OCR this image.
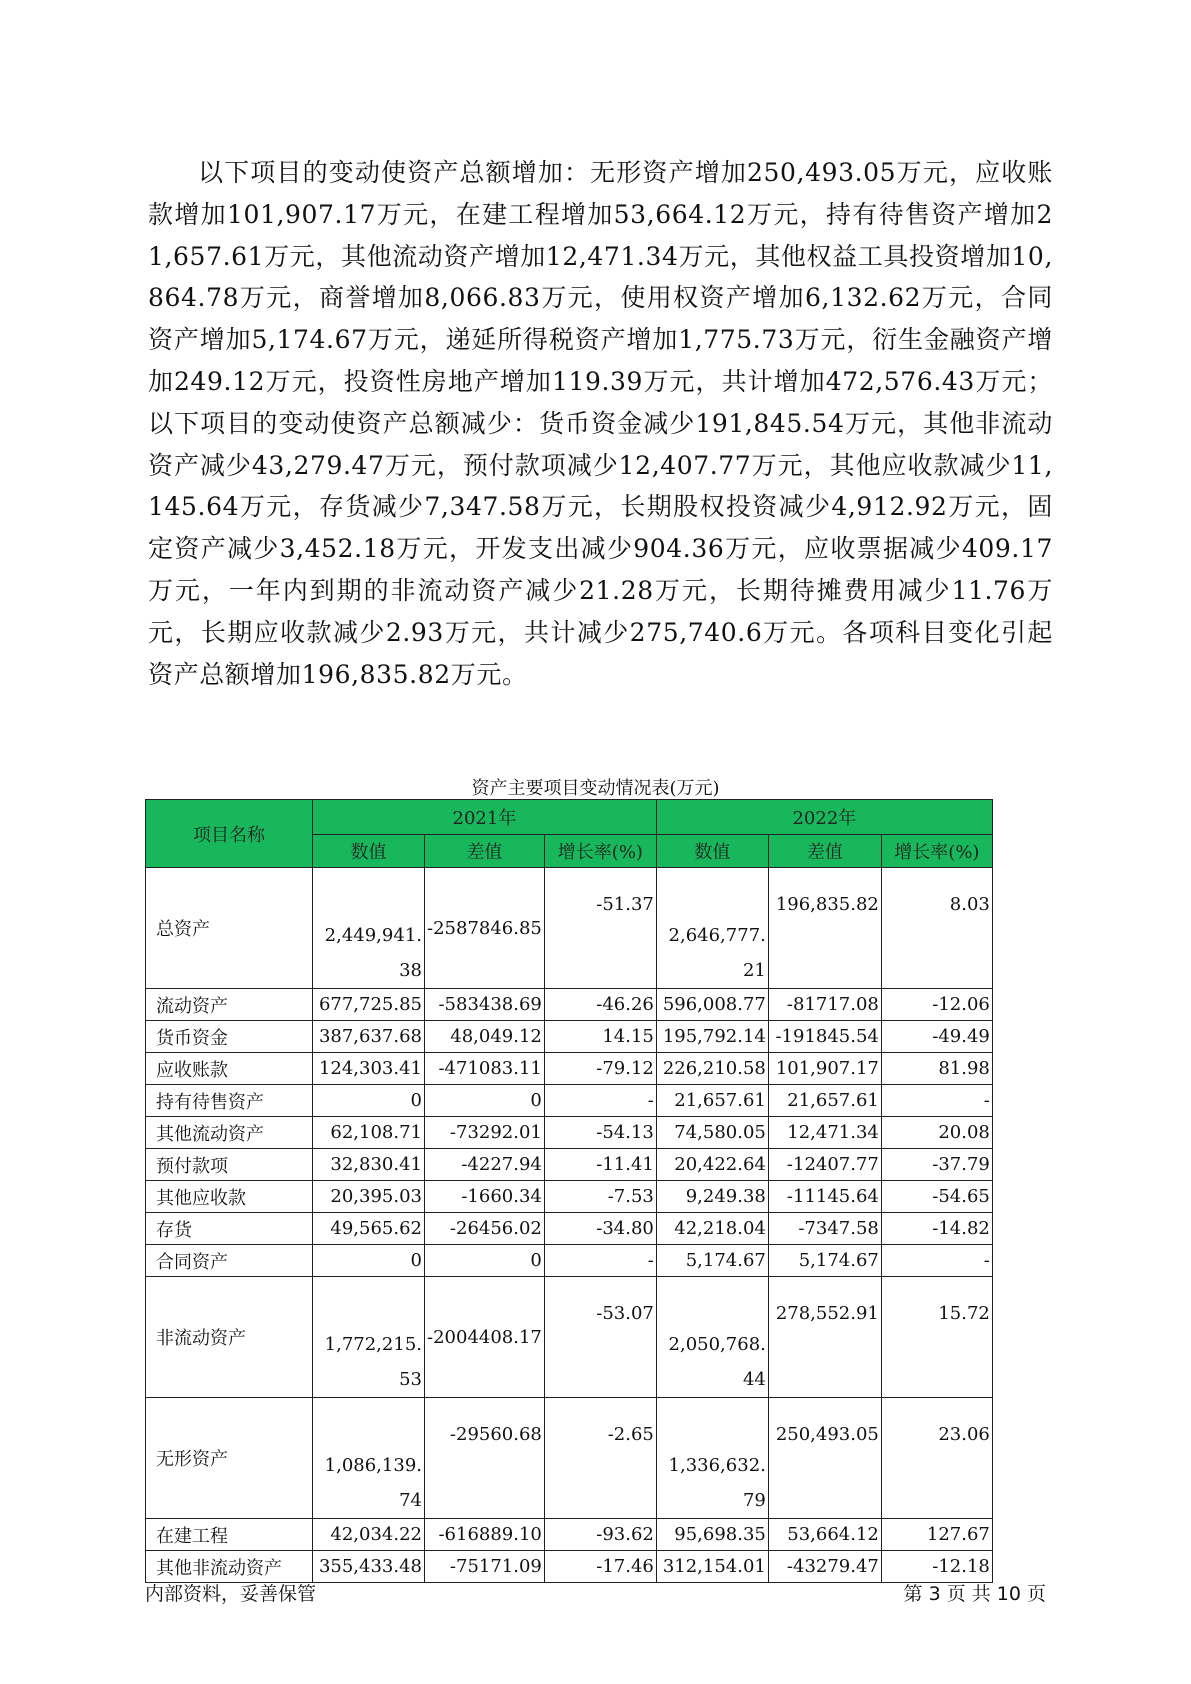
以下项目的变动使资产总额增加：无形资产增加250,493.05万元，应收账款增加101,907.17万元，在建工程增加53,664.12万元，持有待售资产增加21,657.61万元，其他流动资产增加12,471.34万元，其他权益工具投资增加10,864.78万元，商誉增加8,066.83万元，使用权资产增加6,132.62万元，合同资产增加5,174.67万元，递延所得税资产增加1,775.73万元，衍生金融资产增加249.12万元，投资性房地产增加119.39万元，共计增加472,576.43万元；以下项目的变动使资产总额减少：货币资金减少191,845.54万元，其他非流动资产减少43,279.47万元，预付款项减少12,407.77万元，其他应收款减少11,145.64万元，存货减少7,347.58万元，长期股权投资减少4,912.92万元，固定资产减少3,452.18万元，开发支出减少904.36万元，应收票据减少409.17万元，一年内到期的非流动资产减少21.28万元，长期待摊费用减少11.76万元，长期应收款减少2.93万元，共计减少275,740.6万元。各项科目变化引起资产总额增加196,835.82万元。

资产主要项目变动情况表(万元)
项目名称	2021年			2022年		
	数值	差值	增长率(%)	数值	差值	增长率(%)
总资产	2,449,941.38	-2587846.85	-51.37	2,646,777.21	196,835.82	8.03
流动资产	677,725.85	-583438.69	-46.26	596,008.77	-81717.08	-12.06
货币资金	387,637.68	48,049.12	14.15	195,792.14	-191845.54	-49.49
应收账款	124,303.41	-471083.11	-79.12	226,210.58	101,907.17	81.98
持有待售资产	0	0	-	21,657.61	21,657.61	-
其他流动资产	62,108.71	-73292.01	-54.13	74,580.05	12,471.34	20.08
预付款项	32,830.41	-4227.94	-11.41	20,422.64	-12407.77	-37.79
其他应收款	20,395.03	-1660.34	-7.53	9,249.38	-11145.64	-54.65
存货	49,565.62	-26456.02	-34.80	42,218.04	-7347.58	-14.82
合同资产	0	0	-	5,174.67	5,174.67	-
非流动资产	1,772,215.53	-2004408.17	-53.07	2,050,768.44	278,552.91	15.72
无形资产	1,086,139.74	-29560.68	-2.65	1,336,632.79	250,493.05	23.06
在建工程	42,034.22	-616889.10	-93.62	95,698.35	53,664.12	127.67
其他非流动资产	355,433.48	-75171.09	-17.46	312,154.01	-43279.47	-12.18
内部资料，妥善保管	第 3 页 共 10 页
